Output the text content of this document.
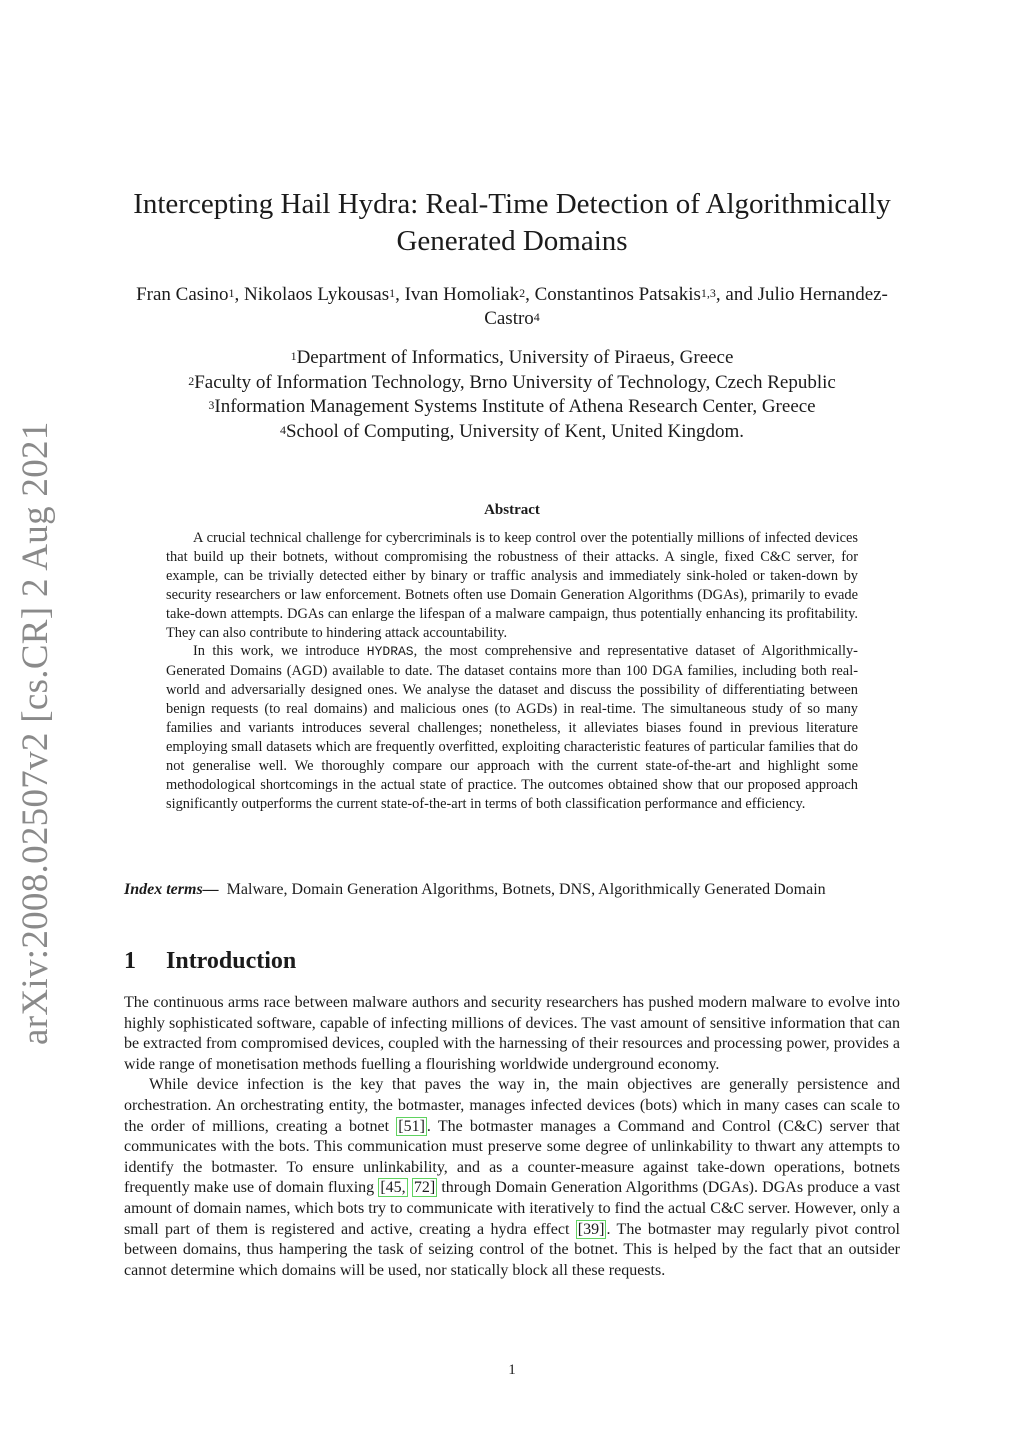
arXiv:2008.02507v2 [cs.CR] 2 Aug 2021
Intercepting Hail Hydra: Real-Time Detection of Algorithmically
Generated Domains
Fran Casino$^1$, Nikolaos Lykousas$^1$, Ivan Homoliak$^2$, Constantinos Patsakis$^{1,3}$, and Julio Hernandez-Castro$^4$
$^1$Department of Informatics, University of Piraeus, Greece
$^2$Faculty of Information Technology, Brno University of Technology, Czech Republic
$^3$Information Management Systems Institute of Athena Research Center, Greece
$^4$School of Computing, University of Kent, United Kingdom.
Abstract

A crucial technical challenge for cybercriminals is to keep control over the potentially millions of infected devices that build up their botnets, without compromising the robustness of their attacks. A single, fixed C&C server, for example, can be trivially detected either by binary or traffic analysis and immediately sink-holed or taken-down by security researchers or law enforcement. Botnets often use Domain Generation Algorithms (DGAs), primarily to evade take-down attempts. DGAs can enlarge the lifespan of a malware campaign, thus potentially enhancing its profitability. They can also contribute to hindering attack accountability.

In this work, we introduce HYDRAS, the most comprehensive and representative dataset of Algorithmically-Generated Domains (AGD) available to date. The dataset contains more than 100 DGA families, including both real-world and adversarially designed ones. We analyse the dataset and discuss the possibility of differentiating between benign requests (to real domains) and malicious ones (to AGDs) in real-time. The simultaneous study of so many families and variants introduces several challenges; nonetheless, it alleviates biases found in previous literature employing small datasets which are frequently overfitted, exploiting characteristic features of particular families that do not generalise well. We thoroughly compare our approach with the current state-of-the-art and highlight some methodological shortcomings in the actual state of practice. The outcomes obtained show that our proposed approach significantly outperforms the current state-of-the-art in terms of both classification performance and efficiency.

Index terms— Malware, Domain Generation Algorithms, Botnets, DNS, Algorithmically Generated Domain
1 Introduction

The continuous arms race between malware authors and security researchers has pushed modern malware to evolve into highly sophisticated software, capable of infecting millions of devices. The vast amount of sensitive information that can be extracted from compromised devices, coupled with the harnessing of their resources and processing power, provides a wide range of monetisation methods fuelling a flourishing worldwide underground economy.

While device infection is the key that paves the way in, the main objectives are generally persistence and orchestration. An orchestrating entity, the botmaster, manages infected devices (bots) which in many cases can scale to the order of millions, creating a botnet [51] . The botmaster manages a Command and Control (C&C) server that communicates with the bots. This communication must preserve some degree of unlinkability to thwart any attempts to identify the botmaster. To ensure unlinkability, and as a counter-measure against take-down operations, botnets frequently make use of domain fluxing [45, 72] through Domain Generation Algorithms (DGAs). DGAs produce a vast amount of domain names, which bots try to communicate with iteratively to find the actual C&C server. However, only a small part of them is registered and active, creating a hydra effect [39] . The botmaster may regularly pivot control between domains, thus hampering the task of seizing control of the botnet. This is helped by the fact that an outsider cannot determine which domains will be used, nor statically block all these requests.

1
